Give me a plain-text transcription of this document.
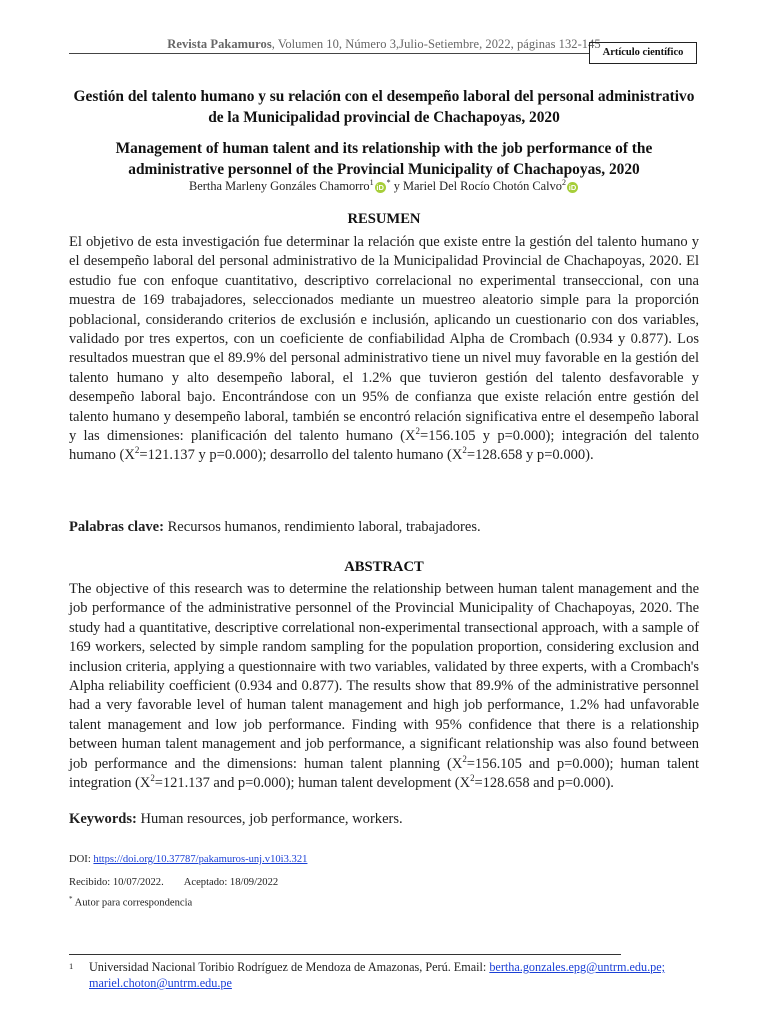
Revista Pakamuros, Volumen 10, Número 3,Julio-Setiembre, 2022, páginas 132-145
Artículo científico
Gestión del talento humano y su relación con el desempeño laboral del personal administrativo de la Municipalidad provincial de Chachapoyas, 2020
Management of human talent and its relationship with the job performance of the administrative personnel of the Provincial Municipality of Chachapoyas, 2020
Bertha Marleny Gonzáles Chamorro$^1$iD* y Mariel Del Rocío Chotón Calvo$^2$iD
RESUMEN
El objetivo de esta investigación fue determinar la relación que existe entre la gestión del talento humano y el desempeño laboral del personal administrativo de la Municipalidad Provincial de Chachapoyas, 2020. El estudio fue con enfoque cuantitativo, descriptivo correlacional no experimental transeccional, con una muestra de 169 trabajadores, seleccionados mediante un muestreo aleatorio simple para la proporción poblacional, considerando criterios de exclusión e inclusión, aplicando un cuestionario con dos variables, validado por tres expertos, con un coeficiente de confiabilidad Alpha de Crombach (0.934 y 0.877). Los resultados muestran que el 89.9% del personal administrativo tiene un nivel muy favorable en la gestión del talento humano y alto desempeño laboral, el 1.2% que tuvieron gestión del talento desfavorable y desempeño laboral bajo. Encontrándose con un 95% de confianza que existe relación entre gestión del talento humano y desempeño laboral, también se encontró relación significativa entre el desempeño laboral y las dimensiones: planificación del talento humano ($X^2=156.105$ y p=0.000); integración del talento humano ($X^2=121.137$ y p=0.000); desarrollo del talento humano ($X^2=128.658$ y p=0.000).
Palabras clave: Recursos humanos, rendimiento laboral, trabajadores.
ABSTRACT
The objective of this research was to determine the relationship between human talent management and the job performance of the administrative personnel of the Provincial Municipality of Chachapoyas, 2020. The study had a quantitative, descriptive correlational non-experimental transectional approach, with a sample of 169 workers, selected by simple random sampling for the population proportion, considering exclusion and inclusion criteria, applying a questionnaire with two variables, validated by three experts, with a Crombach's Alpha reliability coefficient (0.934 and 0.877). The results show that 89.9% of the administrative personnel had a very favorable level of human talent management and high job performance, 1.2% had unfavorable talent management and low job performance. Finding with 95% confidence that there is a relationship between human talent management and job performance, a significant relationship was also found between job performance and the dimensions: human talent planning ($X^2=156.105$ and p=0.000); human talent integration ($X^2=121.137$ and p=0.000); human talent development ($X^2=128.658$ and p=0.000).
Keywords: Human resources, job performance, workers.
DOI: https://doi.org/10.37787/pakamuros-unj.v10i3.321
Recibido: 10/07/2022. Aceptado: 18/09/2022
* Autor para correspondencia
1	Universidad Nacional Toribio Rodríguez de Mendoza de Amazonas, Perú. Email: bertha.gonzales.epg@untrm.edu.pe;
mariel.choton@untrm.edu.pe
